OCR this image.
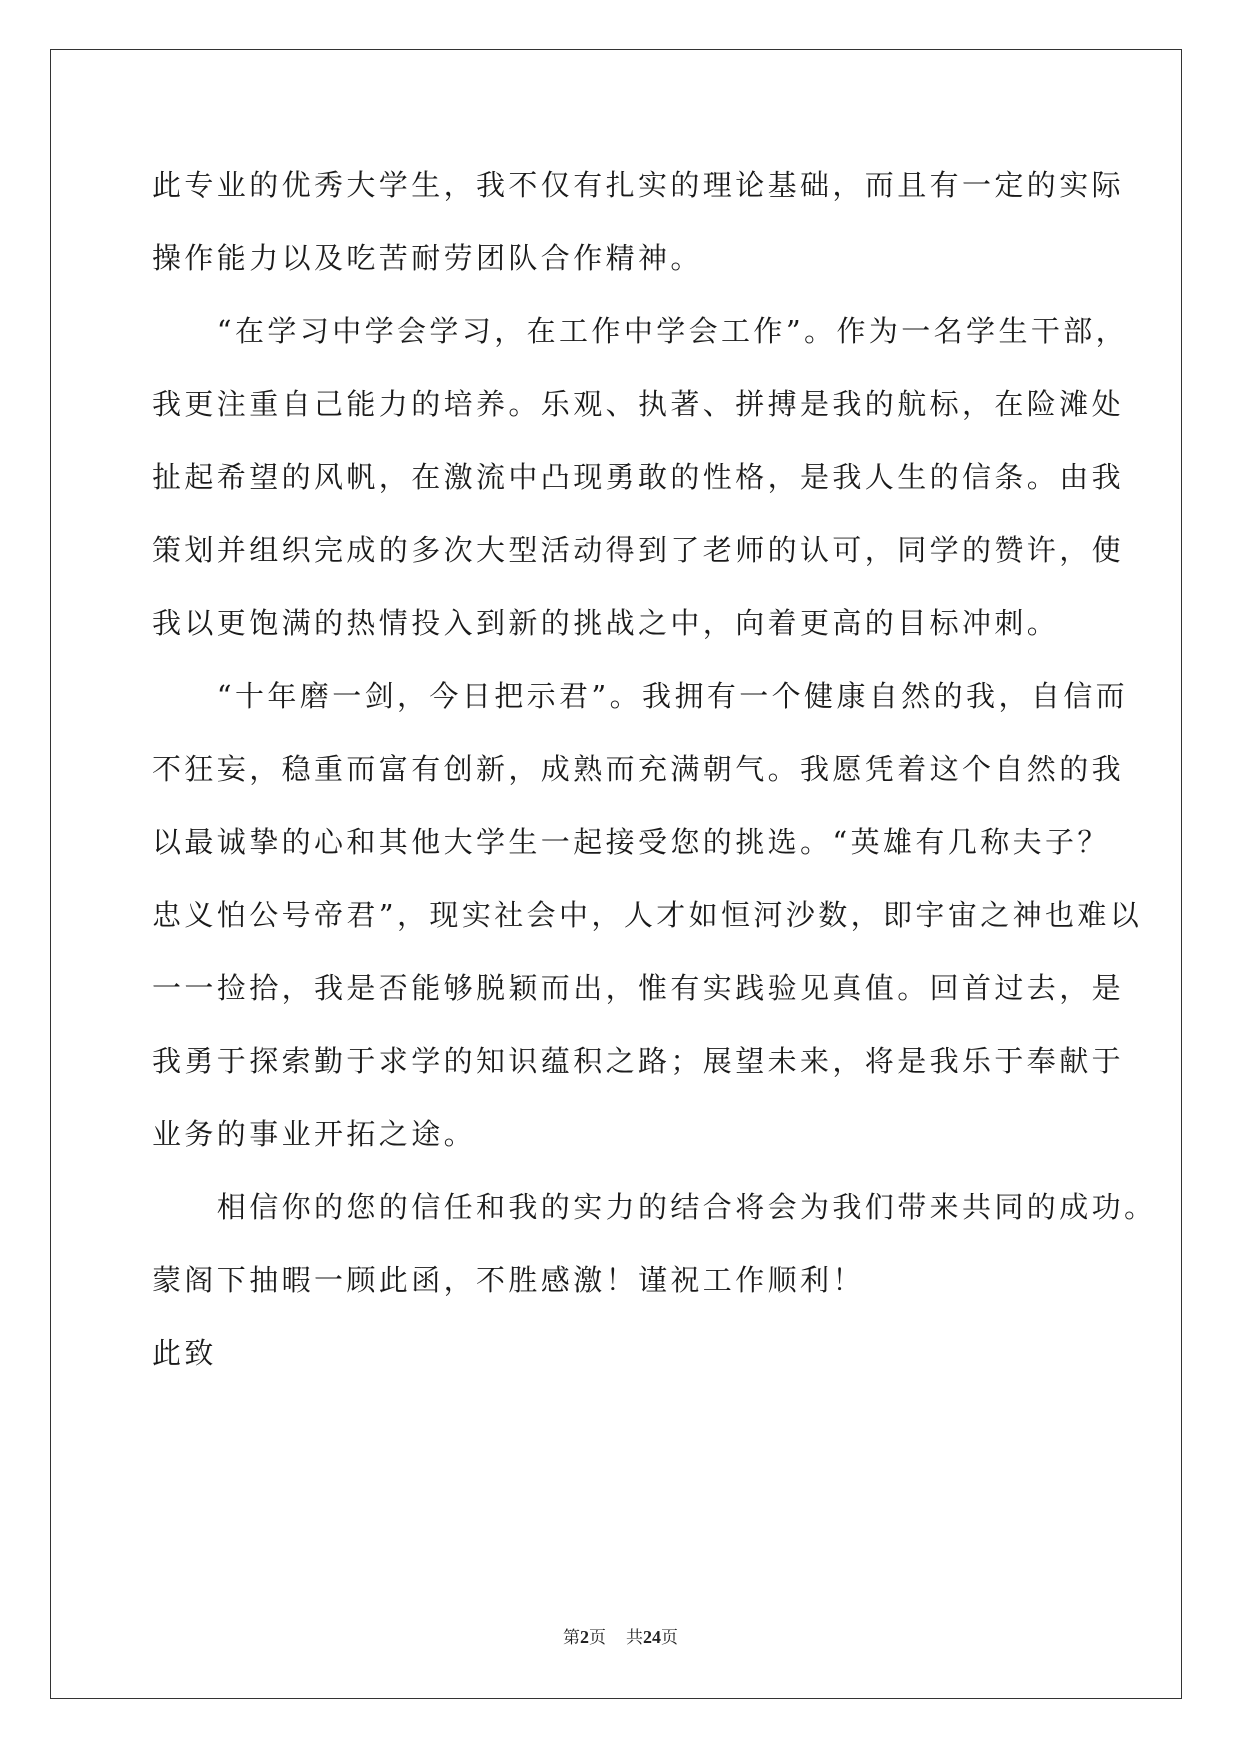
此专业的优秀大学生，我不仅有扎实的理论基础，而且有一定的实际

操作能力以及吃苦耐劳团队合作精神。

　　“在学习中学会学习，在工作中学会工作”。作为一名学生干部，

我更注重自己能力的培养。乐观、执著、拼搏是我的航标，在险滩处

扯起希望的风帆，在激流中凸现勇敢的性格，是我人生的信条。由我

策划并组织完成的多次大型活动得到了老师的认可，同学的赞许，使

我以更饱满的热情投入到新的挑战之中，向着更高的目标冲刺。

　　“十年磨一剑，今日把示君”。我拥有一个健康自然的我，自信而

不狂妄，稳重而富有创新，成熟而充满朝气。我愿凭着这个自然的我

以最诚挚的心和其他大学生一起接受您的挑选。“英雄有几称夫子？

忠义怕公号帝君”，现实社会中，人才如恒河沙数，即宇宙之神也难以

一一捡拾，我是否能够脱颖而出，惟有实践验见真值。回首过去，是

我勇于探索勤于求学的知识蕴积之路；展望未来，将是我乐于奉献于

业务的事业开拓之途。

　　相信你的您的信任和我的实力的结合将会为我们带来共同的成功。

蒙阁下抽暇一顾此函，不胜感激！谨祝工作顺利！

此致

第2页 共24页
